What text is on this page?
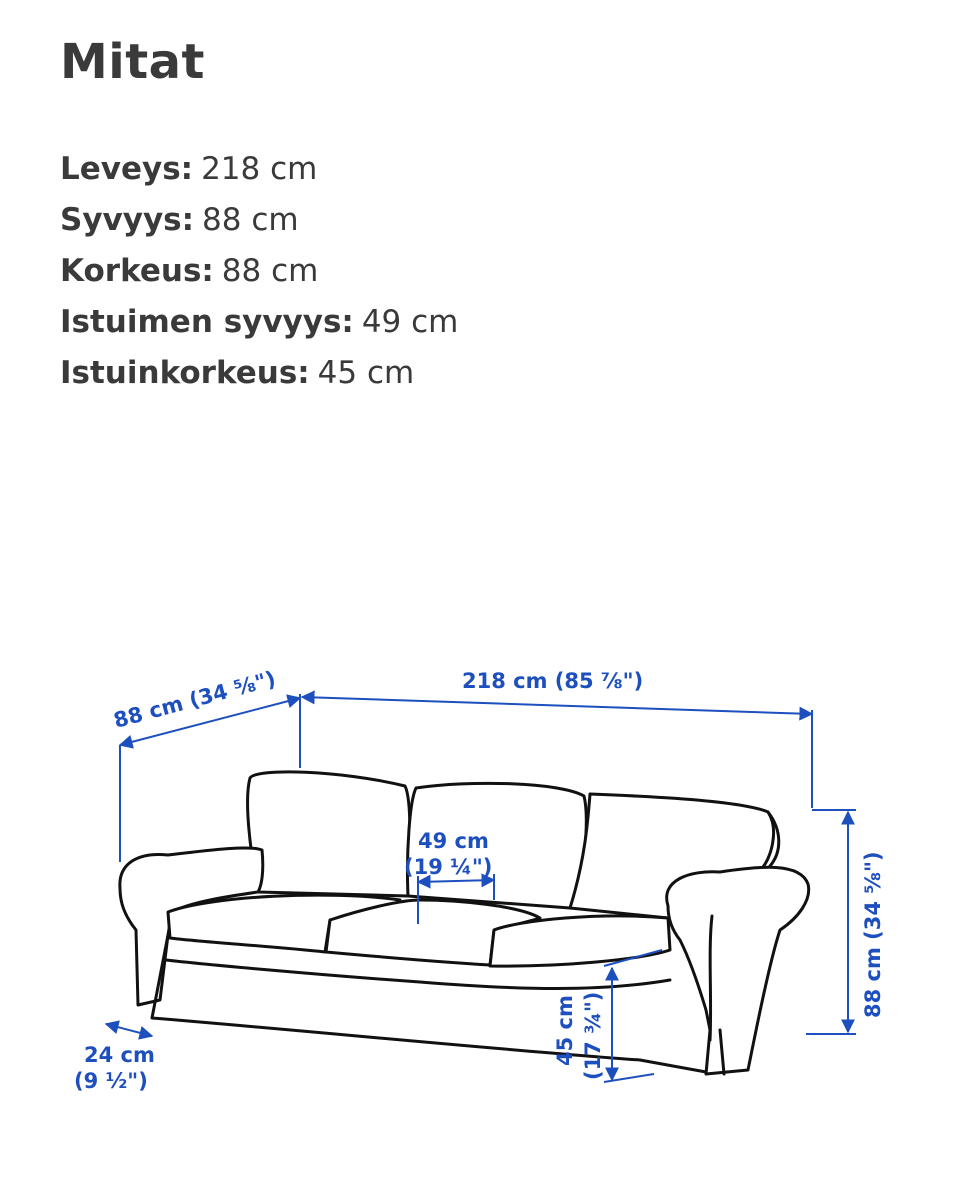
Mitat
Leveys: 218 cm
Syvyys: 88 cm
Korkeus: 88 cm
Istuimen syvyys: 49 cm
Istuinkorkeus: 45 cm
88 cm (34 ⅝")	218 cm (85 ⅞")
49 cm
(19 ¼")	88 cm (34 ⅝")
45 cm (17 ¾")
24 cm
(9 ½")
